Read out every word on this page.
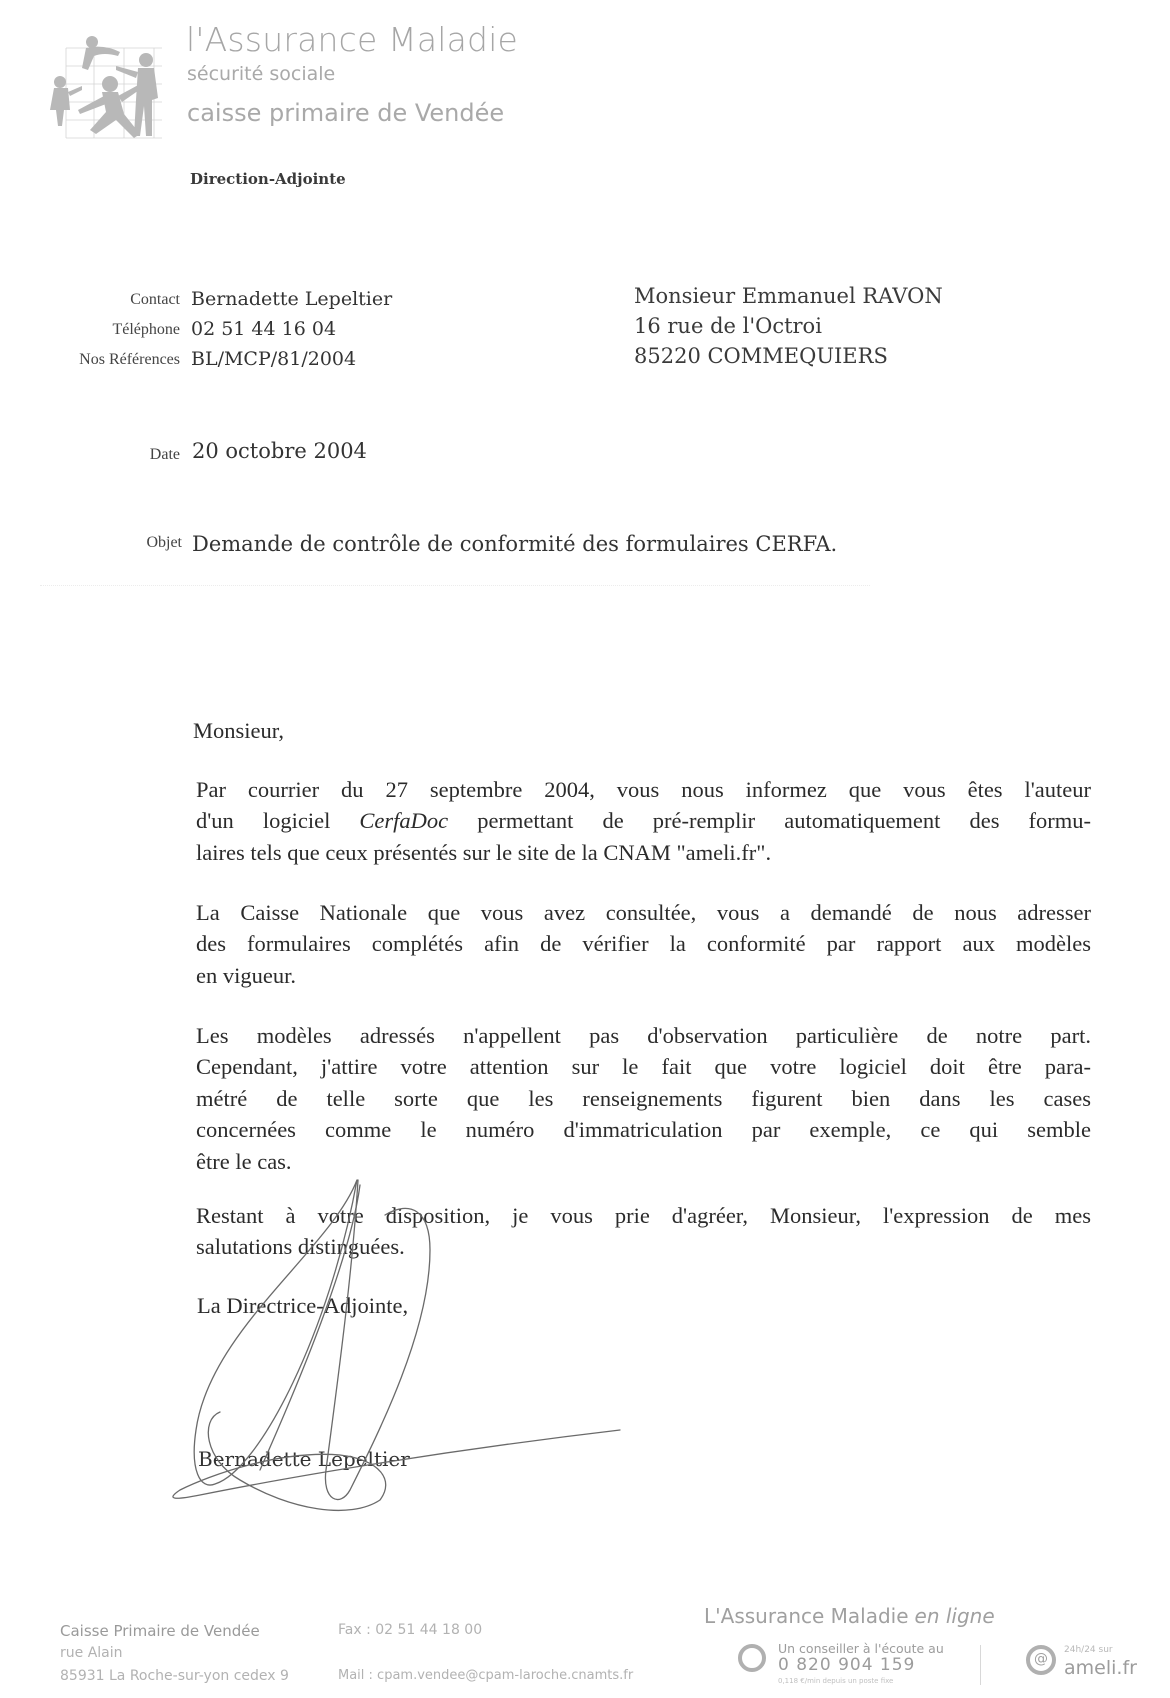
l'Assurance Maladie
sécurité sociale
caisse primaire de Vendée
Direction-Adjointe
Contact Bernadette Lepeltier
Téléphone 02 51 44 16 04
Nos Références BL/MCP/81/2004
Monsieur Emmanuel RAVON
16 rue de l'Octroi
85220 COMMEQUIERS
Date 20 octobre 2004
Objet Demande de contrôle de conformité des formulaires CERFA.
Monsieur,
Par courrier du 27 septembre 2004, vous nous informez que vous êtes l'auteur
d'un logiciel CerfaDoc permettant de pré-remplir automatiquement des formu-
laires tels que ceux présentés sur le site de la CNAM "ameli.fr".
La Caisse Nationale que vous avez consultée, vous a demandé de nous adresser
des formulaires complétés afin de vérifier la conformité par rapport aux modèles
en vigueur.
Les modèles adressés n'appellent pas d'observation particulière de notre part.
Cependant, j'attire votre attention sur le fait que votre logiciel doit être para-
métré de telle sorte que les renseignements figurent bien dans les cases
concernées comme le numéro d'immatriculation par exemple, ce qui semble
être le cas.
Restant à votre disposition, je vous prie d'agréer, Monsieur, l'expression de mes
salutations distinguées.
La Directrice-Adjointe,
Bernadette Lepeltier
Caisse Primaire de Vendée
rue Alain
85931 La Roche-sur-yon cedex 9
Fax : 02 51 44 18 00
Mail : cpam.vendee@cpam-laroche.cnamts.fr
L'Assurance Maladie en ligne
Un conseiller à l'écoute au
0 820 904 159
0,118 €/min depuis un poste fixe
@
24h/24 sur
ameli.fr
